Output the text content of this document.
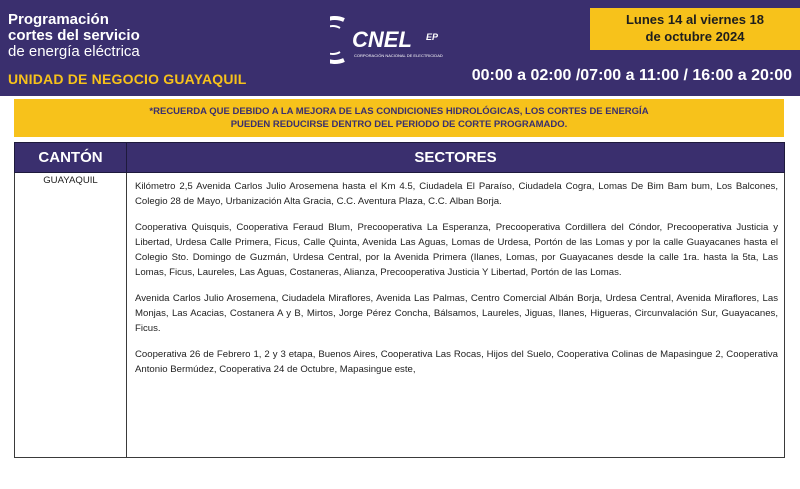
Programación
cortes del servicio
de energía eléctrica
UNIDAD DE NEGOCIO GUAYAQUIL
CNEL EP
CORPORACIÓN NACIONAL DE ELECTRICIDAD
Lunes 14 al viernes 18
de octubre 2024
00:00 a 02:00 /07:00 a 11:00 / 16:00 a 20:00
*RECUERDA QUE DEBIDO A LA MEJORA DE LAS CONDICIONES HIDROLÓGICAS, LOS CORTES DE ENERGÍA
PUEDEN REDUCIRSE DENTRO DEL PERIODO DE CORTE PROGRAMADO.
CANTÓN	SECTORES
GUAYAQUIL	Kilómetro 2,5 Avenida Carlos Julio Arosemena hasta el Km 4.5, Ciudadela El Paraíso, Ciudadela Cogra, Lomas De Bim Bam bum, Los Balcones, Colegio 28 de Mayo, Urbanización Alta Gracia, C.C. Aventura Plaza, C.C. Alban Borja.

Cooperativa Quisquis, Cooperativa Feraud Blum, Precooperativa La Esperanza, Precooperativa Cordillera del Cóndor, Precooperativa Justicia y Libertad, Urdesa Calle Primera, Ficus, Calle Quinta, Avenida Las Aguas, Lomas de Urdesa, Portón de las Lomas y por la calle Guayacanes hasta el Colegio Sto. Domingo de Guzmán, Urdesa Central, por la Avenida Primera (Ilanes, Lomas, por Guayacanes desde la calle 1ra. hasta la 5ta, Las Lomas, Ficus, Laureles, Las Aguas, Costaneras, Alianza, Precooperativa Justicia Y Libertad, Portón de las Lomas.

Avenida Carlos Julio Arosemena, Ciudadela Miraflores, Avenida Las Palmas, Centro Comercial Albán Borja, Urdesa Central, Avenida Miraflores, Las Monjas, Las Acacias, Costanera A y B, Mirtos, Jorge Pérez Concha, Bálsamos, Laureles, Jiguas, Ilanes, Higueras, Circunvalación Sur, Guayacanes, Ficus.

Cooperativa 26 de Febrero 1, 2 y 3 etapa, Buenos Aires, Cooperativa Las Rocas, Hijos del Suelo, Cooperativa Colinas de Mapasingue 2, Cooperativa Antonio Bermúdez, Cooperativa 24 de Octubre, Mapasingue este,
